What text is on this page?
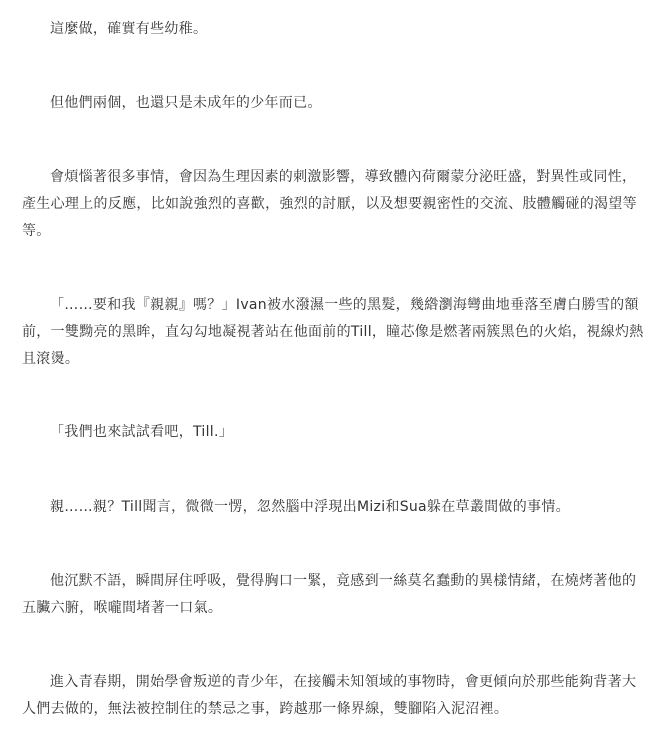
這麼做，確實有些幼稚。

但他們兩個，也還只是未成年的少年而已。

會煩惱著很多事情，會因為生理因素的刺激影響，導致體內荷爾蒙分泌旺盛，對異性或同性，產生心理上的反應，比如說強烈的喜歡，強烈的討厭，以及想要親密性的交流、肢體觸碰的渴望等等。

「……要和我『親親』嗎？」Ivan被水潑濕一些的黑髮，幾綹瀏海彎曲地垂落至膚白勝雪的額前，一雙黝亮的黑眸，直勾勾地凝視著站在他面前的Till，瞳芯像是燃著兩簇黑色的火焰，視線灼熱且滾燙。

「我們也來試試看吧，Till.」

親……親？Till聞言，微微一愣，忽然腦中浮現出Mizi和Sua躲在草叢間做的事情。

他沉默不語，瞬間屏住呼吸，覺得胸口一緊，竟感到一絲莫名蠢動的異樣情緒，在燒烤著他的五臟六腑，喉嚨間堵著一口氣。

進入青春期，開始學會叛逆的青少年，在接觸未知領域的事物時，會更傾向於那些能夠背著大人們去做的，無法被控制住的禁忌之事，跨越那一條界線，雙腳陷入泥沼裡。
